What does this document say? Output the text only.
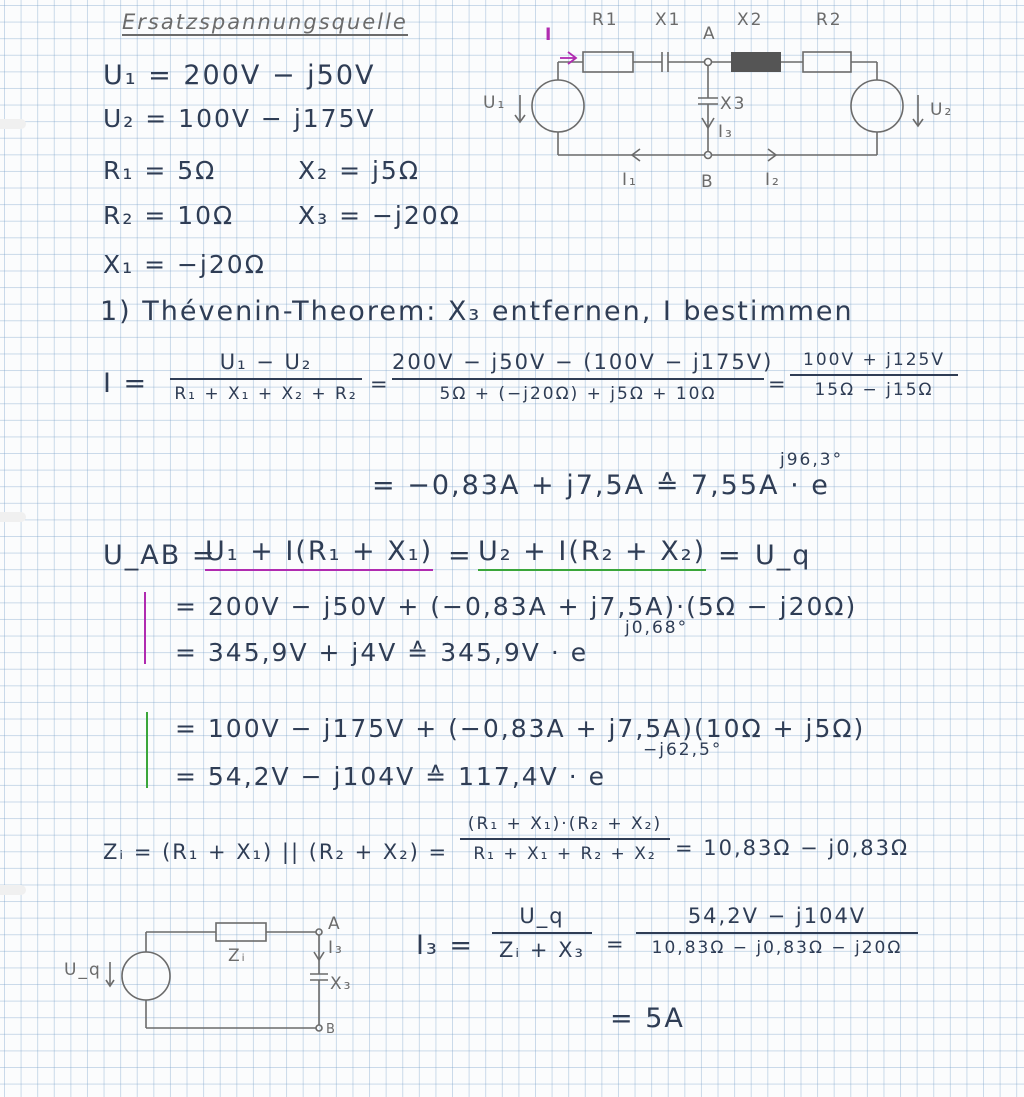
Ersatzspannungsquelle
U₁ = 200V − j50V
U₂ = 100V − j175V
R₁ = 5Ω	X₂ = j5Ω
R₂ = 10Ω	X₃ = −j20Ω
X₁ = −j20Ω
I
R1 X1
A
X2	R2
U₁	U₂
X3
I₃
I₁	B	I₂
1) Thévenin-Theorem: X₃ entfernen, I bestimmen
I =
U₁ − U₂
R₁ + X₁ + X₂ + R₂ =
200V − j50V − (100V − j175V)
5Ω + (−j20Ω) + j5Ω + 10Ω	=
100V + j125V
15Ω − j15Ω
= −0,83A + j7,5A ≙ 7,55A · e
j96,3°
U_AB =
U₁ + I(R₁ + X₁) = U₂ + I(R₂ + X₂) = U_q
= 200V − j50V + (−0,83A + j7,5A)·(5Ω − j20Ω)
= 345,9V + j4V ≙ 345,9V · e
j0,68°
= 100V − j175V + (−0,83A + j7,5A)(10Ω + j5Ω)
= 54,2V − j104V ≙ 117,4V · e
−j62,5°
Zᵢ = (R₁ + X₁) || (R₂ + X₂) =
(R₁ + X₁)·(R₂ + X₂)
R₁ + X₁ + R₂ + X₂ = 10,83Ω − j0,83Ω
U_q
Zᵢ
A
I₃
X₃
B
I₃ =
U_q
Zᵢ + X₃	=
54,2V − j104V
10,83Ω − j0,83Ω − j20Ω
= 5A
